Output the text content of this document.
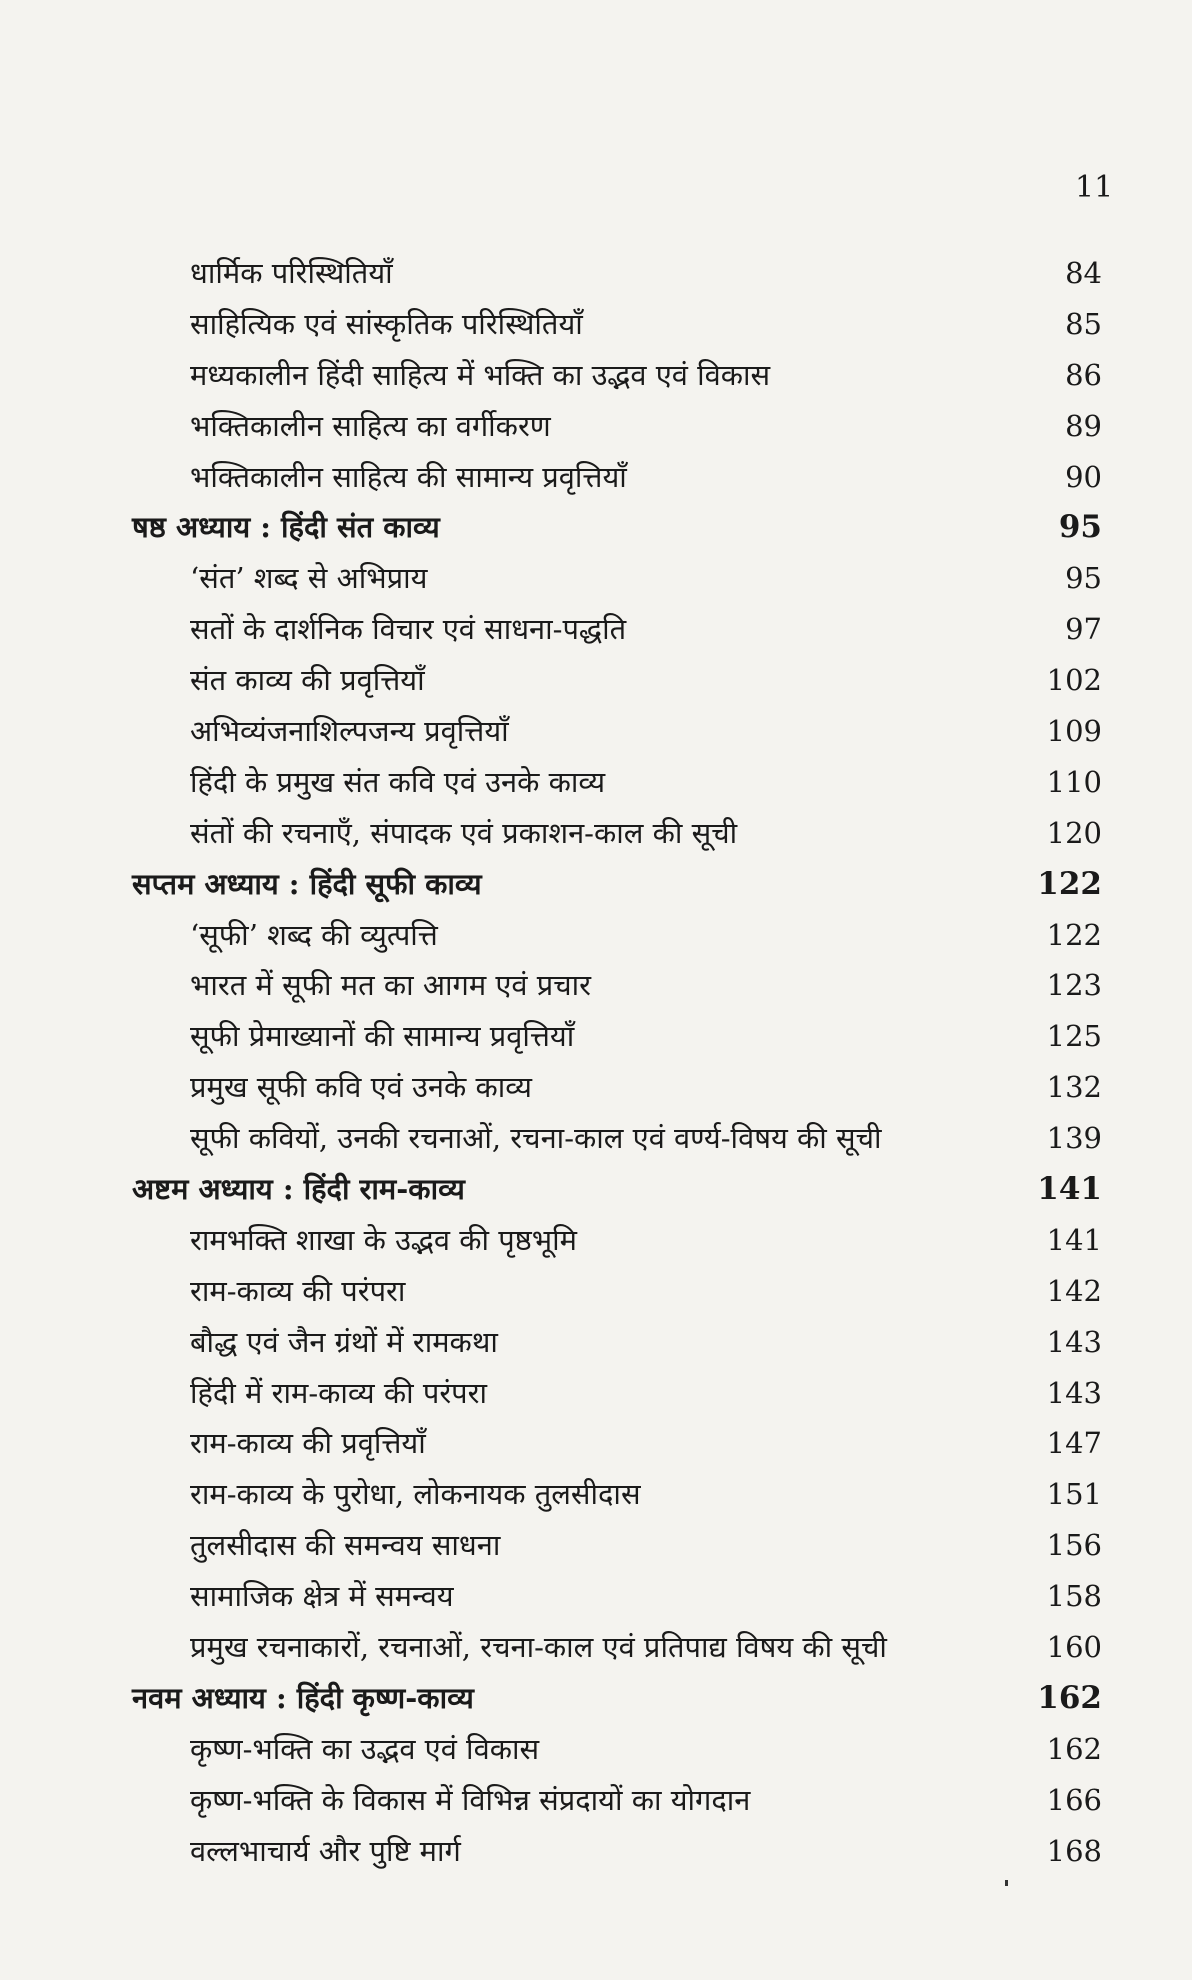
11
धार्मिक परिस्थितियाँ	84
साहित्यिक एवं सांस्कृतिक परिस्थितियाँ	85
मध्यकालीन हिंदी साहित्य में भक्ति का उद्भव एवं विकास	86
भक्तिकालीन साहित्य का वर्गीकरण	89
भक्तिकालीन साहित्य की सामान्य प्रवृत्तियाँ	90
षष्ठ अध्याय : हिंदी संत काव्य	95
‘संत’ शब्द से अभिप्राय	95
सतों के दार्शनिक विचार एवं साधना-पद्धति	97
संत काव्य की प्रवृत्तियाँ	102
अभिव्यंजनाशिल्पजन्य प्रवृत्तियाँ	109
हिंदी के प्रमुख संत कवि एवं उनके काव्य	110
संतों की रचनाएँ, संपादक एवं प्रकाशन-काल की सूची	120
सप्तम अध्याय : हिंदी सूफी काव्य	122
‘सूफी’ शब्द की व्युत्पत्ति	122
भारत में सूफी मत का आगम एवं प्रचार	123
सूफी प्रेमाख्यानों की सामान्य प्रवृत्तियाँ	125
प्रमुख सूफी कवि एवं उनके काव्य	132
सूफी कवियों, उनकी रचनाओं, रचना-काल एवं वर्ण्य-विषय की सूची	139
अष्टम अध्याय : हिंदी राम-काव्य	141
रामभक्ति शाखा के उद्भव की पृष्ठभूमि	141
राम-काव्य की परंपरा	142
बौद्ध एवं जैन ग्रंथों में रामकथा	143
हिंदी में राम-काव्य की परंपरा	143
राम-काव्य की प्रवृत्तियाँ	147
राम-काव्य के पुरोधा, लोकनायक तुलसीदास	151
तुलसीदास की समन्वय साधना	156
सामाजिक क्षेत्र में समन्वय	158
प्रमुख रचनाकारों, रचनाओं, रचना-काल एवं प्रतिपाद्य विषय की सूची	160
नवम अध्याय : हिंदी कृष्ण-काव्य	162
कृष्ण-भक्ति का उद्भव एवं विकास	162
कृष्ण-भक्ति के विकास में विभिन्न संप्रदायों का योगदान	166
वल्लभाचार्य और पुष्टि मार्ग	168
